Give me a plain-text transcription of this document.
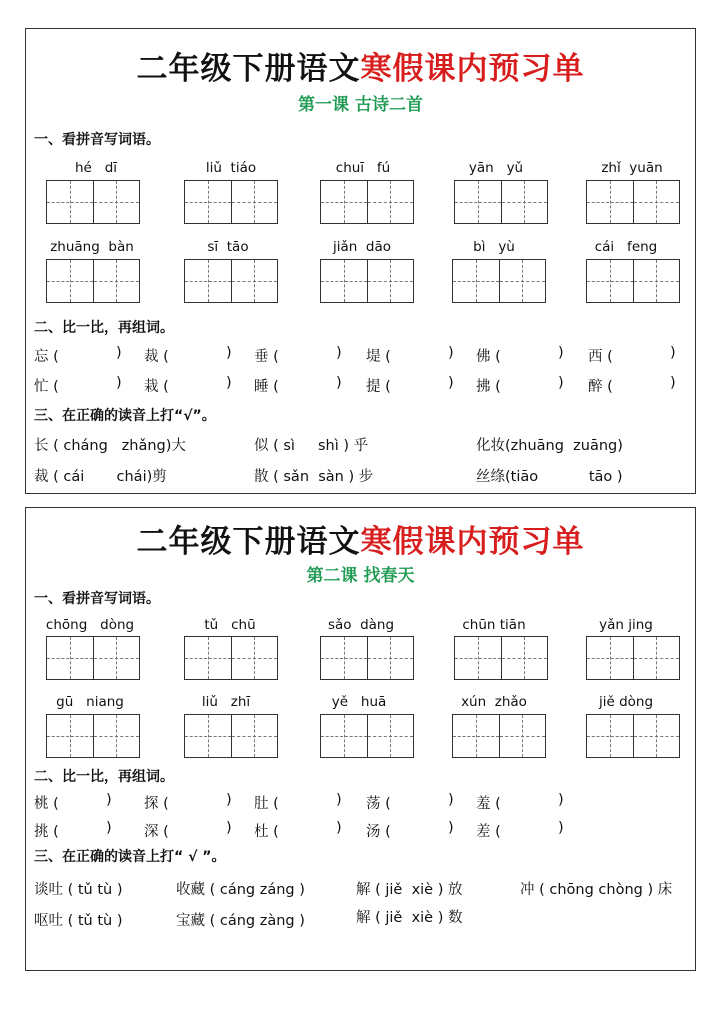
二年级下册语文寒假课内预习单
第一课 古诗二首
一、看拼音写词语。
hé   dī	liǔ  tiáo	chuī   fú	yān   yǔ	zhǐ  yuān
zhuāng  bàn	sī  tāo	jiǎn  dāo	bì   yù	cái   feng
二、比一比，再组词。
忘 (	) 裁 (	) 垂 (	) 堤 (	) 佛 (	) 西 (	)
忙 (	) 栽 (	) 睡 (	) 提 (	) 拂 (	) 醉 (	)
三、在正确的读音上打“√”。
长 ( cháng   zhǎng)大	似 ( sì     shì ) 乎	化妆(zhuāng  zuāng)
裁 ( cái       chái)剪	散 ( sǎn  sàn ) 步	丝绦(tiāo           tāo )
二年级下册语文寒假课内预习单
第二课 找春天
一、看拼音写词语。
chōng   dòng	tǔ   chū	sǎo  dàng	chūn tiān	yǎn jing
gū   niang	liǔ   zhī	yě   huā	xún  zhǎo	jiě dòng
二、比一比，再组词。
桃 (	) 探 (	) 肚 (	) 荡 (	) 羞 (	)
挑 (	) 深 (	) 杜 (	) 汤 (	) 差 (	)
三、在正确的读音上打“ √ ”。
谈吐 ( tǔ tù )	收藏 ( cáng záng )	解 ( jiě  xiè ) 放	冲 ( chōng chòng ) 床
呕吐 ( tǔ tù )	宝藏 ( cáng zàng )	解 ( jiě  xiè ) 数
